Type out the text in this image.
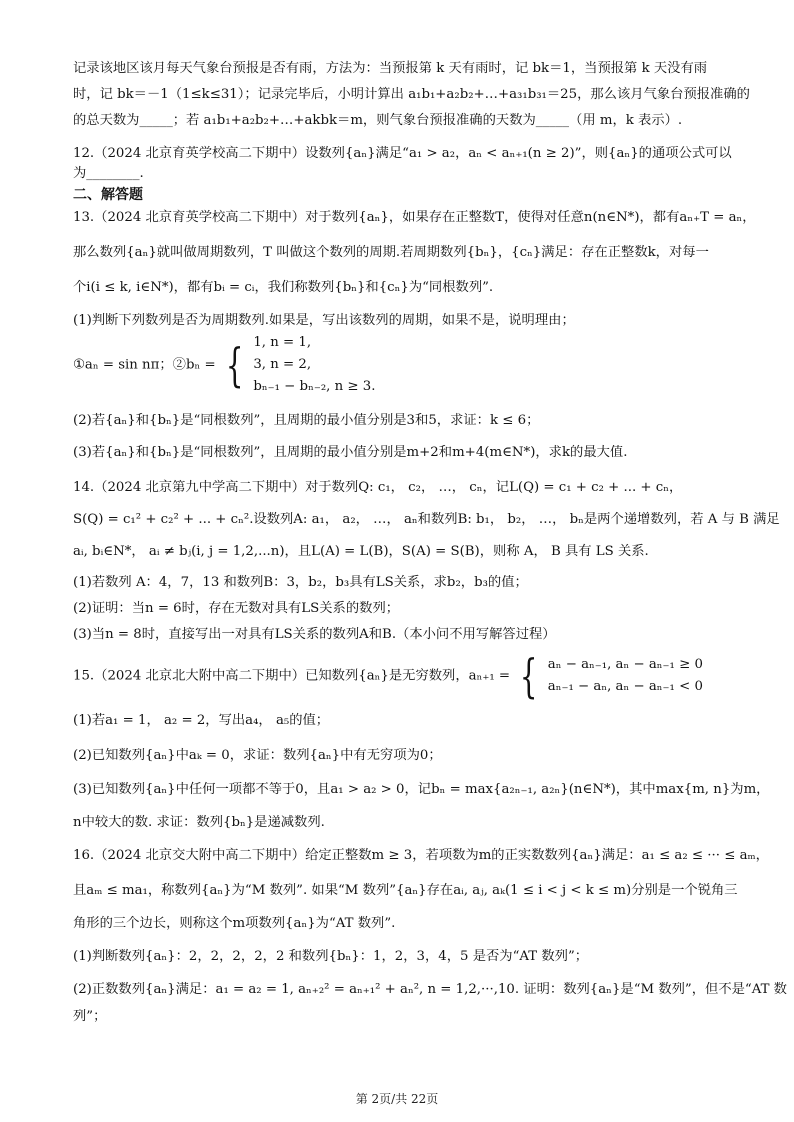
记录该地区该月每天气象台预报是否有雨，方法为：当预报第 k 天有雨时，记 bk＝1，当预报第 k 天没有雨
时，记 bk＝－1（1≤k≤31）；记录完毕后，小明计算出 a₁b₁+a₂b₂+…+a₃₁b₃₁＝25，那么该月气象台预报准确的
的总天数为_____；若 a₁b₁+a₂b₂+…+akbk＝m，则气象台预报准确的天数为_____（用 m，k 表示）.
12.（2024 北京育英学校高二下期中）设数列{aₙ}满足“a₁ > a₂，aₙ < aₙ₊₁(n ≥ 2)”，则{aₙ}的通项公式可以
为________.
二、解答题
13.（2024 北京育英学校高二下期中）对于数列{aₙ}，如果存在正整数T，使得对任意n(n∈N*)，都有aₙ₊T = aₙ，
那么数列{aₙ}就叫做周期数列，T 叫做这个数列的周期.若周期数列{bₙ}，{cₙ}满足：存在正整数k，对每一
个i(i ≤ k, i∈N*)，都有bᵢ = cᵢ，我们称数列{bₙ}和{cₙ}为“同根数列”.
(1)判断下列数列是否为周期数列.如果是，写出该数列的周期，如果不是，说明理由；
①aₙ = sin nπ；②bₙ = { 1, n = 1,
3, n = 2,
bₙ₋₁ − bₙ₋₂, n ≥ 3.
(2)若{aₙ}和{bₙ}是“同根数列”，且周期的最小值分别是3和5，求证：k ≤ 6；
(3)若{aₙ}和{bₙ}是“同根数列”，且周期的最小值分别是m+2和m+4(m∈N*)，求k的最大值.
14.（2024 北京第九中学高二下期中）对于数列Q: c₁， c₂， …， cₙ，记L(Q) = c₁ + c₂ + ... + cₙ，
S(Q) = c₁² + c₂² + ... + cₙ².设数列A: a₁， a₂， …， aₙ和数列B: b₁， b₂， …， bₙ是两个递增数列，若 A 与 B 满足
aᵢ, bᵢ∈N*， aᵢ ≠ bⱼ(i, j = 1,2,...n)，且L(A) = L(B)，S(A) = S(B)，则称 A， B 具有 LS 关系.
(1)若数列 A：4，7，13 和数列B：3，b₂，b₃具有LS关系，求b₂，b₃的值；
(2)证明：当n = 6时，存在无数对具有LS关系的数列；
(3)当n = 8时，直接写出一对具有LS关系的数列A和B.（本小问不用写解答过程）
15.（2024 北京北大附中高二下期中）已知数列{aₙ}是无穷数列，aₙ₊₁ = { aₙ − aₙ₋₁, aₙ − aₙ₋₁ ≥ 0
aₙ₋₁ − aₙ, aₙ − aₙ₋₁ < 0
(1)若a₁ = 1， a₂ = 2，写出a₄， a₅的值；
(2)已知数列{aₙ}中aₖ = 0，求证：数列{aₙ}中有无穷项为0；
(3)已知数列{aₙ}中任何一项都不等于0，且a₁ > a₂ > 0，记bₙ = max{a₂ₙ₋₁, a₂ₙ}(n∈N*)，其中max{m, n}为m，
n中较大的数. 求证：数列{bₙ}是递减数列.
16.（2024 北京交大附中高二下期中）给定正整数m ≥ 3，若项数为m的正实数数列{aₙ}满足：a₁ ≤ a₂ ≤ ··· ≤ aₘ，
且aₘ ≤ ma₁，称数列{aₙ}为“M 数列”. 如果“M 数列”{aₙ}存在aᵢ, aⱼ, aₖ(1 ≤ i < j < k ≤ m)分别是一个锐角三
角形的三个边长，则称这个m项数列{aₙ}为“AT 数列”.
(1)判断数列{aₙ}：2，2，2，2，2 和数列{bₙ}：1，2，3，4，5 是否为“AT 数列”；
(2)正数数列{aₙ}满足：a₁ = a₂ = 1, aₙ₊₂² = aₙ₊₁² + aₙ², n = 1,2,···,10. 证明：数列{aₙ}是“M 数列”，但不是“AT 数
列”；
第 2页/共 22页
